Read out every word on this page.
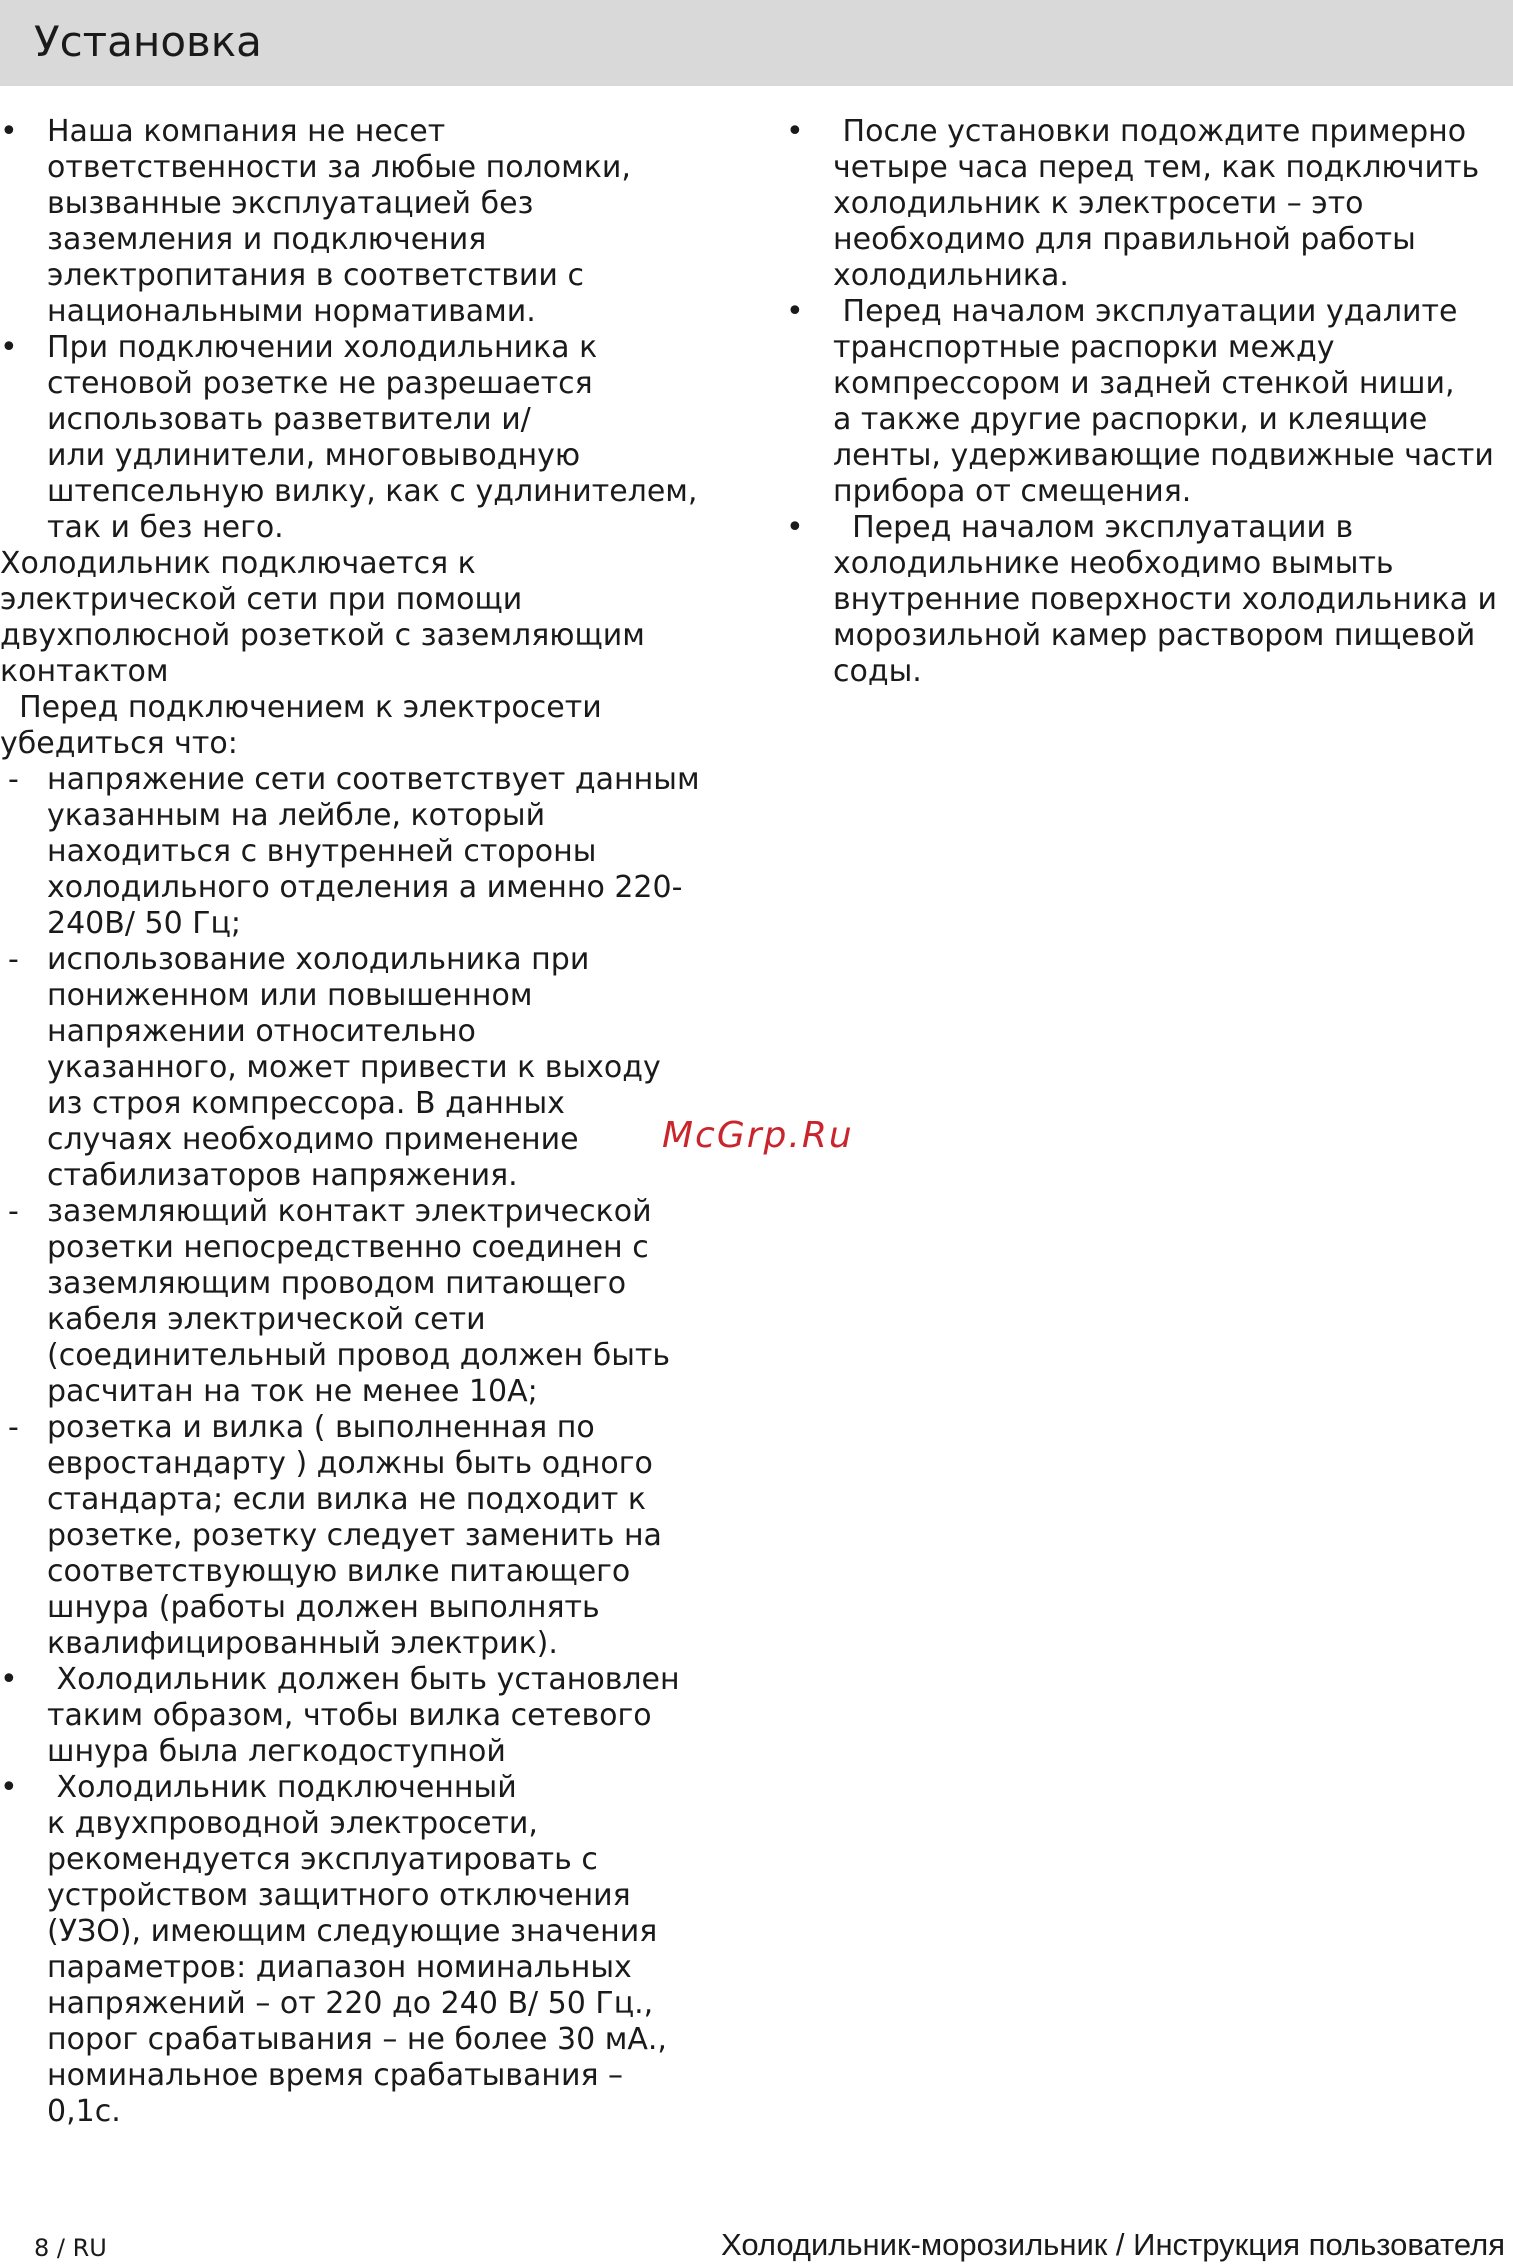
Установка
• Наша компания не несет
ответственности за любые поломки,
вызванные эксплуатацией без
заземления и подключения
электропитания в соответствии с
национальными нормативами.
• При подключении холодильника к
стеновой розетке не разрешается
использовать разветвители и/
или удлинители, многовыводную
штепсельную вилку, как с удлинителем,
так и без него.
Холодильник подключается к
электрической сети при помощи
двухполюсной розеткой с заземляющим
контактом
Перед подключением к электросети
убедиться что:
- напряжение сети соответствует данным
указанным на лейбле, который
находиться с внутренней стороны
холодильного отделения а именно 220-
240В/ 50 Гц;
- использование холодильника при
пониженном или повышенном
напряжении относительно
указанного, может привести к выходу
из строя компрессора. В данных
случаях необходимо применение
стабилизаторов напряжения.
- заземляющий контакт электрической
розетки непосредственно соединен с
заземляющим проводом питающего
кабеля электрической сети
(соединительный провод должен быть
расчитан на ток не менее 10А;
- розетка и вилка ( выполненная по
евростандарту ) должны быть одного
стандарта; если вилка не подходит к
розетке, розетку следует заменить на
соответствующую вилке питающего
шнура (работы должен выполнять
квалифицированный электрик).
• Холодильник должен быть установлен
таким образом, чтобы вилка сетевого
шнура была легкодоступной
• Холодильник подключенный
к двухпроводной электросети,
рекомендуется эксплуатировать с
устройством защитного отключения
(УЗО), имеющим следующие значения
параметров: диапазон номинальных
напряжений – от 220 до 240 В/ 50 Гц.,
порог срабатывания – не более 30 мА.,
номинальное время срабатывания –
0,1с.
• После установки подождите примерно
четыре часа перед тем, как подключить
холодильник к электросети – это
необходимо для правильной работы
холодильника.
• Перед началом эксплуатации удалите
транспортные распорки между
компрессором и задней стенкой ниши,
а также другие распорки, и клеящие
ленты, удерживающие подвижные части
прибора от смещения.
• Перед началом эксплуатации в
холодильнике необходимо вымыть
внутренние поверхности холодильника и
морозильной камер раствором пищевой
соды.
McGrp.Ru
8 / RU	Холодильник-морозильник / Инструкция пользователя
